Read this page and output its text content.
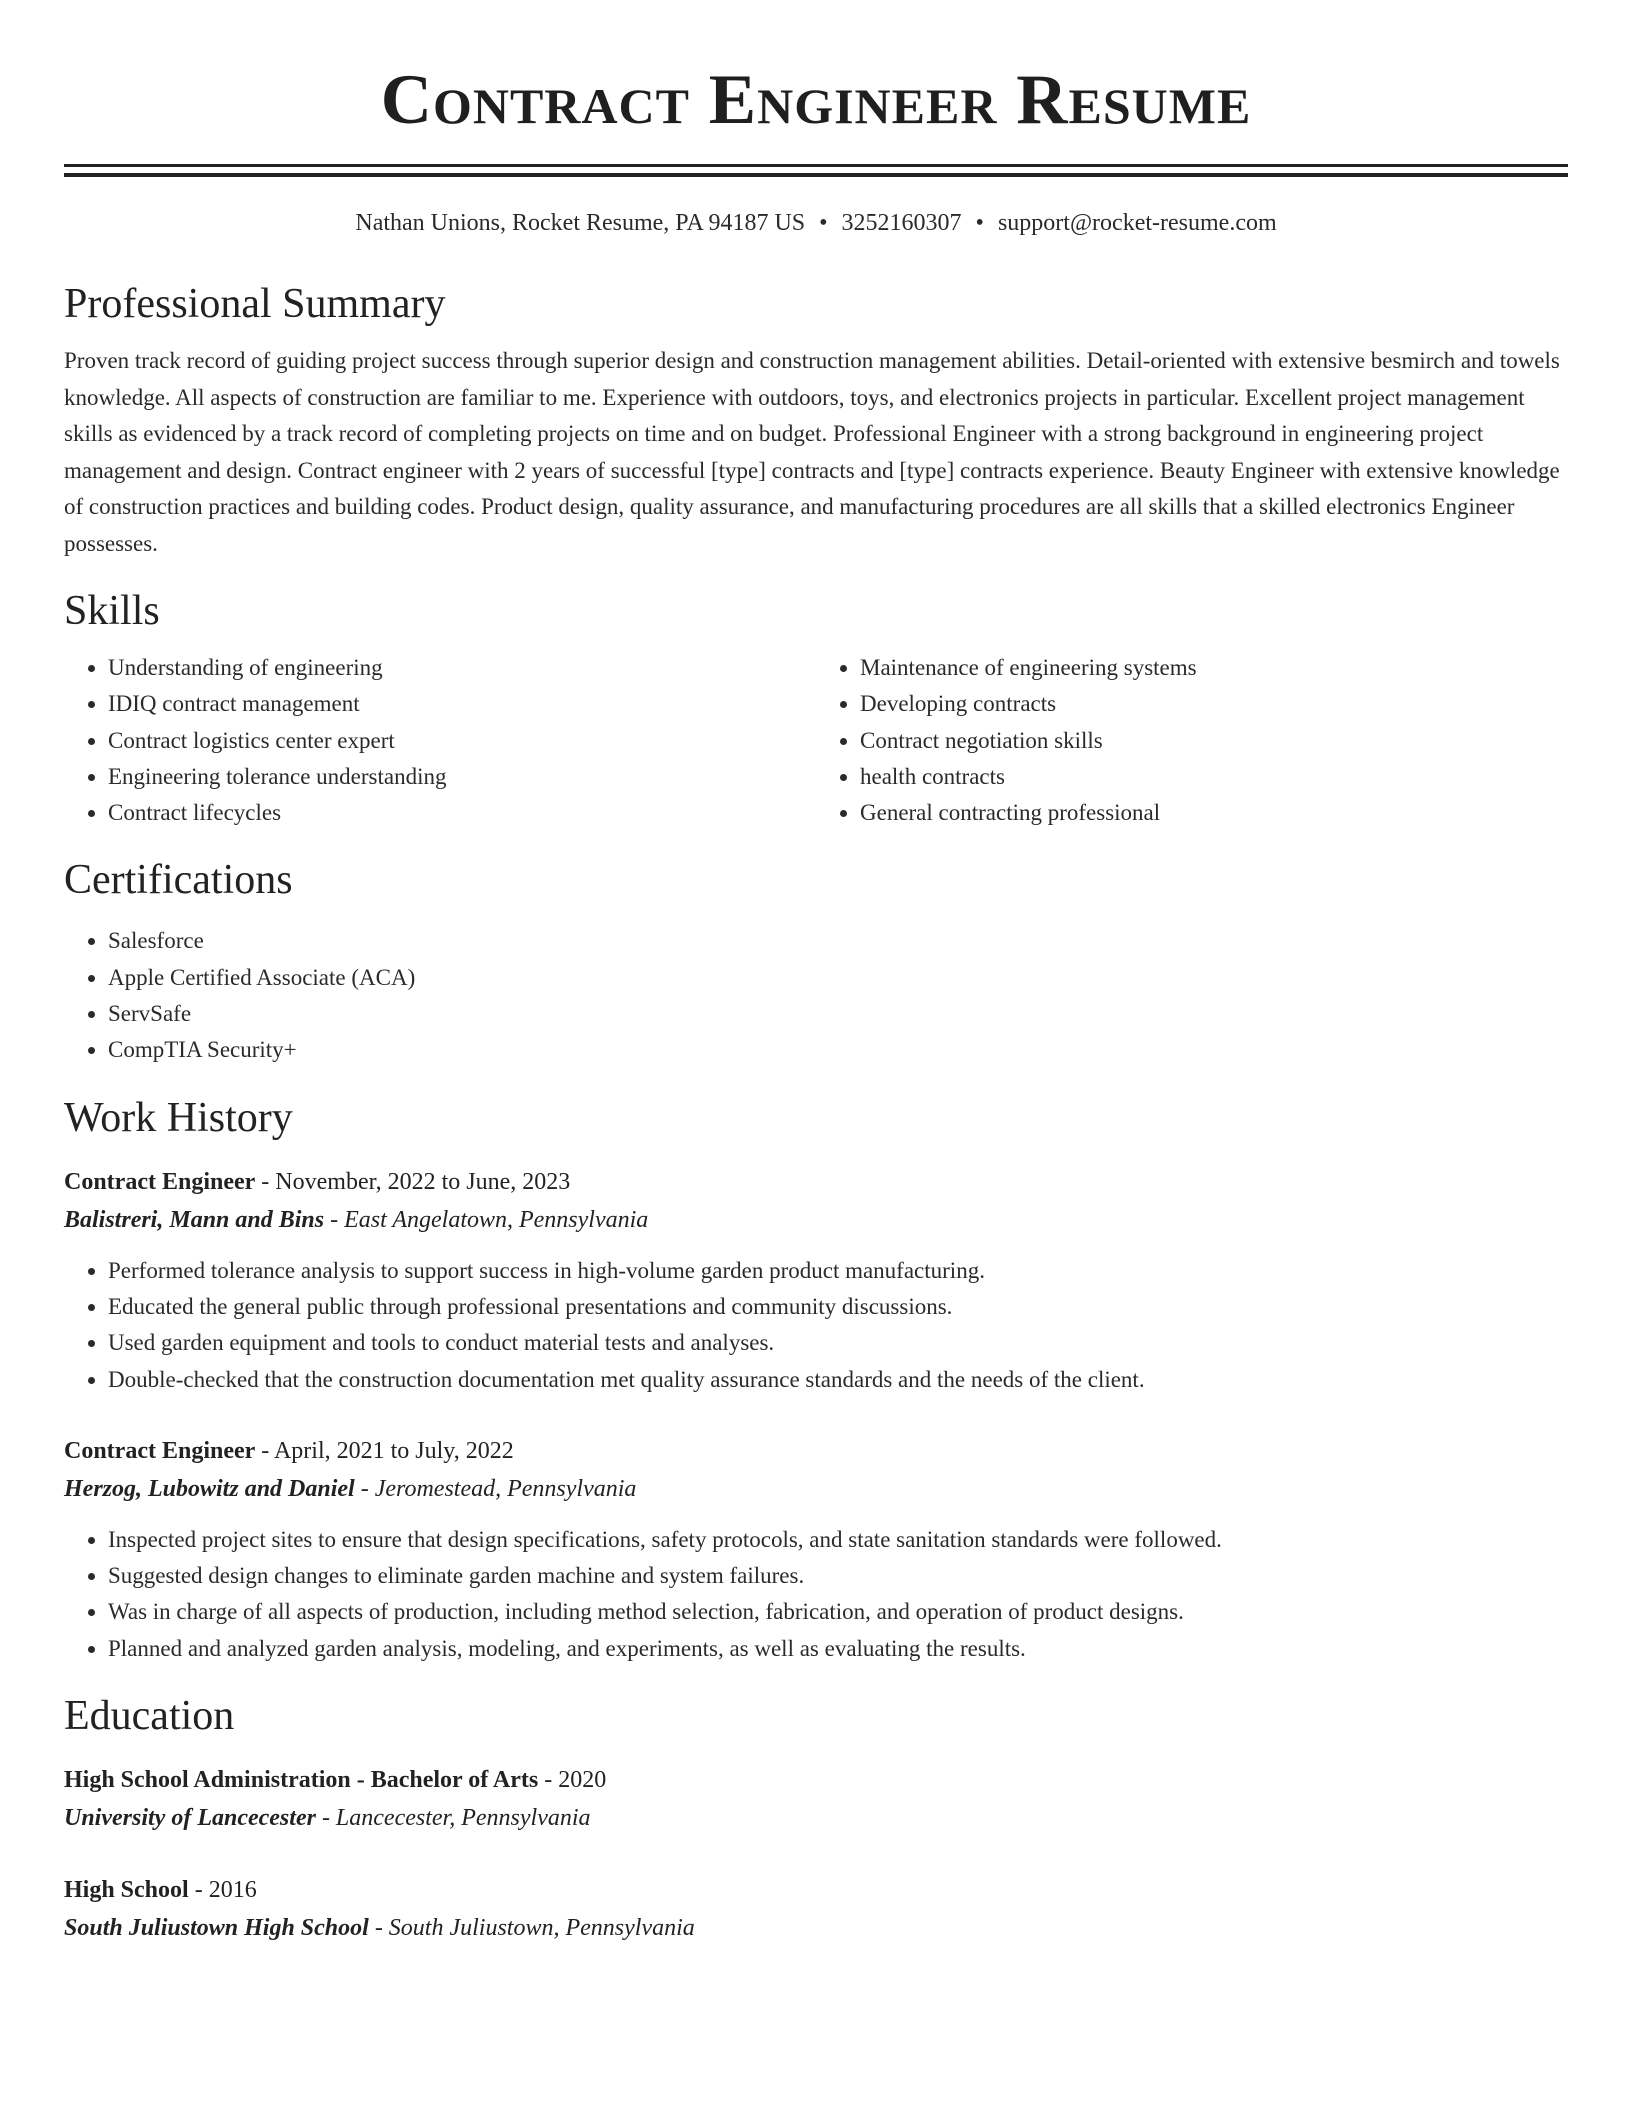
Contract Engineer Resume
Nathan Unions, Rocket Resume, PA 94187 US • 3252160307 • support@rocket-resume.com
Professional Summary
Proven track record of guiding project success through superior design and construction management abilities. Detail-oriented with extensive besmirch and towels knowledge. All aspects of construction are familiar to me. Experience with outdoors, toys, and electronics projects in particular. Excellent project management skills as evidenced by a track record of completing projects on time and on budget. Professional Engineer with a strong background in engineering project management and design. Contract engineer with 2 years of successful [type] contracts and [type] contracts experience. Beauty Engineer with extensive knowledge of construction practices and building codes. Product design, quality assurance, and manufacturing procedures are all skills that a skilled electronics Engineer possesses.
Skills
• Understanding of engineering
• IDIQ contract management
• Contract logistics center expert
• Engineering tolerance understanding
• Contract lifecycles
• Maintenance of engineering systems
• Developing contracts
• Contract negotiation skills
• health contracts
• General contracting professional
Certifications
• Salesforce
• Apple Certified Associate (ACA)
• ServSafe
• CompTIA Security+
Work History
Contract Engineer - November, 2022 to June, 2023
Balistreri, Mann and Bins - East Angelatown, Pennsylvania
• Performed tolerance analysis to support success in high-volume garden product manufacturing.
• Educated the general public through professional presentations and community discussions.
• Used garden equipment and tools to conduct material tests and analyses.
• Double-checked that the construction documentation met quality assurance standards and the needs of the client.
Contract Engineer - April, 2021 to July, 2022
Herzog, Lubowitz and Daniel - Jeromestead, Pennsylvania
• Inspected project sites to ensure that design specifications, safety protocols, and state sanitation standards were followed.
• Suggested design changes to eliminate garden machine and system failures.
• Was in charge of all aspects of production, including method selection, fabrication, and operation of product designs.
• Planned and analyzed garden analysis, modeling, and experiments, as well as evaluating the results.
Education
High School Administration - Bachelor of Arts - 2020
University of Lancecester - Lancecester, Pennsylvania
High School - 2016
South Juliustown High School - South Juliustown, Pennsylvania
